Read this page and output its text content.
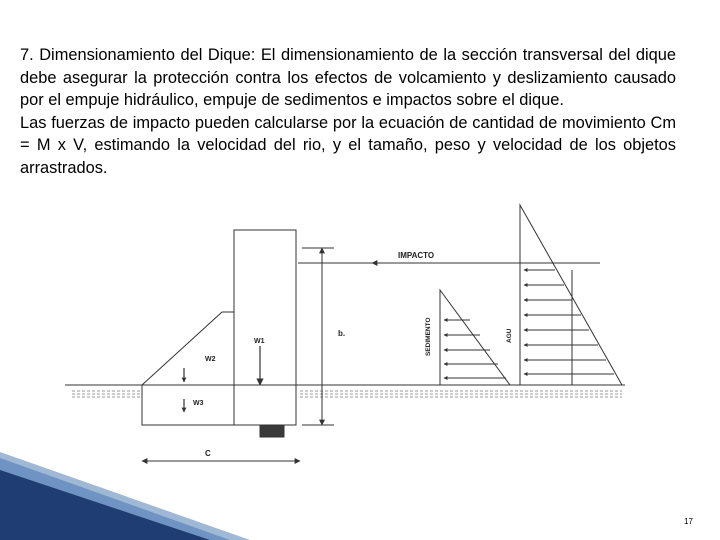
7. Dimensionamiento del Dique: El dimensionamiento de la sección transversal del dique debe asegurar la protección contra los efectos de volcamiento y deslizamiento causado por el empuje hidráulico, empuje de sedimentos e impactos sobre el dique.

Las fuerzas de impacto pueden calcularse por la ecuación de cantidad de movimiento Cm = M x V, estimando la velocidad del rio, y el tamaño, peso y velocidad de los objetos arrastrados.

W1
W2
W3
b.
C
IMPACTO
SEDIMENTO	AGU
17
